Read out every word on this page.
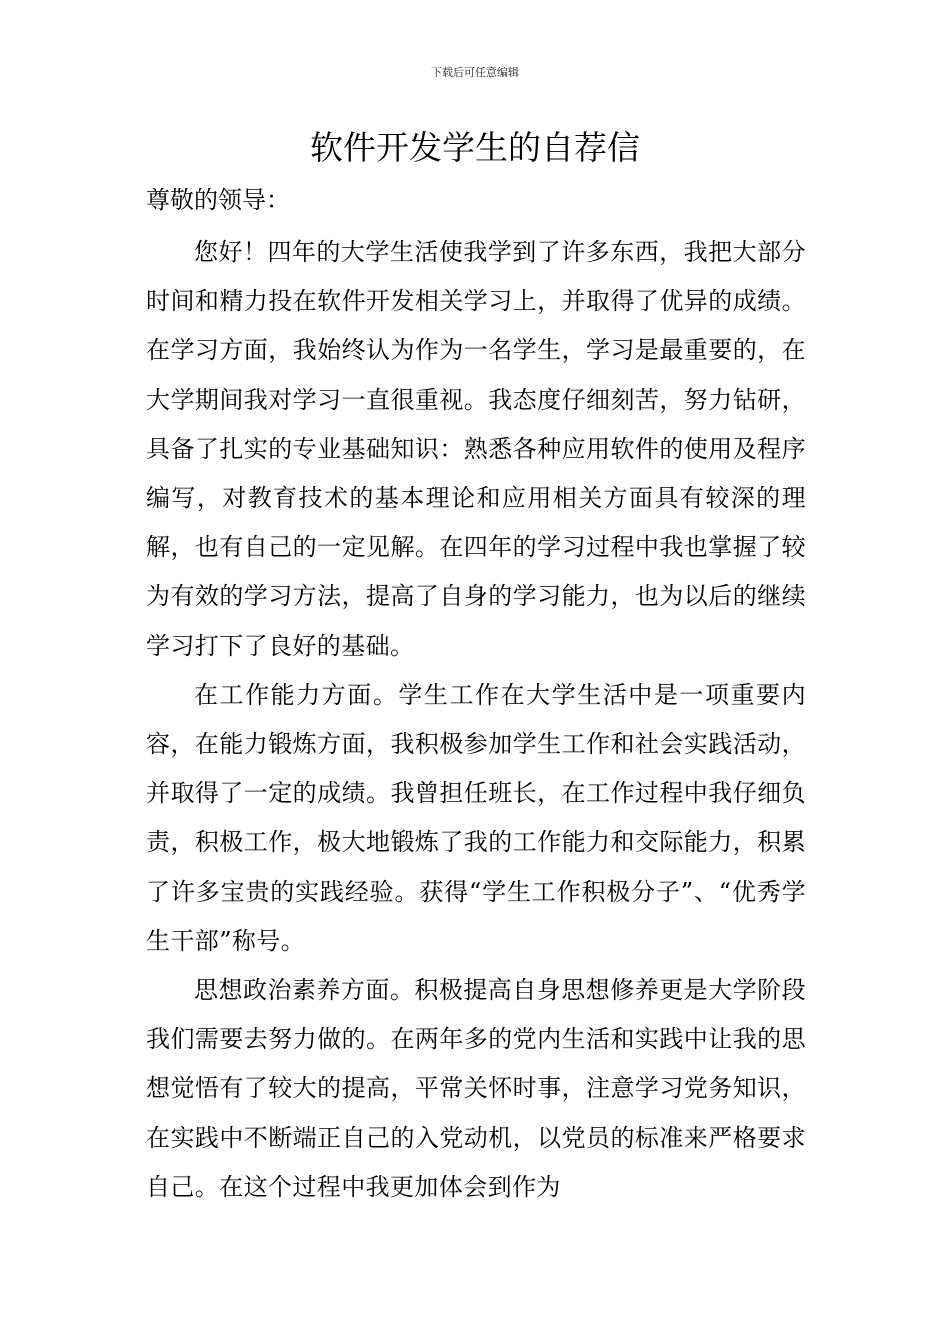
下载后可任意编辑
软件开发学生的自荐信

尊敬的领导：

您好！四年的大学生活使我学到了许多东西，我把大部分时间和精力投在软件开发相关学习上，并取得了优异的成绩。在学习方面，我始终认为作为一名学生，学习是最重要的，在大学期间我对学习一直很重视。我态度仔细刻苦，努力钻研，具备了扎实的专业基础知识：熟悉各种应用软件的使用及程序编写，对教育技术的基本理论和应用相关方面具有较深的理解，也有自己的一定见解。在四年的学习过程中我也掌握了较为有效的学习方法，提高了自身的学习能力，也为以后的继续学习打下了良好的基础。

在工作能力方面。学生工作在大学生活中是一项重要内容，在能力锻炼方面，我积极参加学生工作和社会实践活动，并取得了一定的成绩。我曾担任班长，在工作过程中我仔细负责，积极工作，极大地锻炼了我的工作能力和交际能力，积累了许多宝贵的实践经验。获得“学生工作积极分子”、“优秀学生干部”称号。

思想政治素养方面。积极提高自身思想修养更是大学阶段我们需要去努力做的。在两年多的党内生活和实践中让我的思想觉悟有了较大的提高，平常关怀时事，注意学习党务知识，在实践中不断端正自己的入党动机，以党员的标准来严格要求自己。在这个过程中我更加体会到作为
